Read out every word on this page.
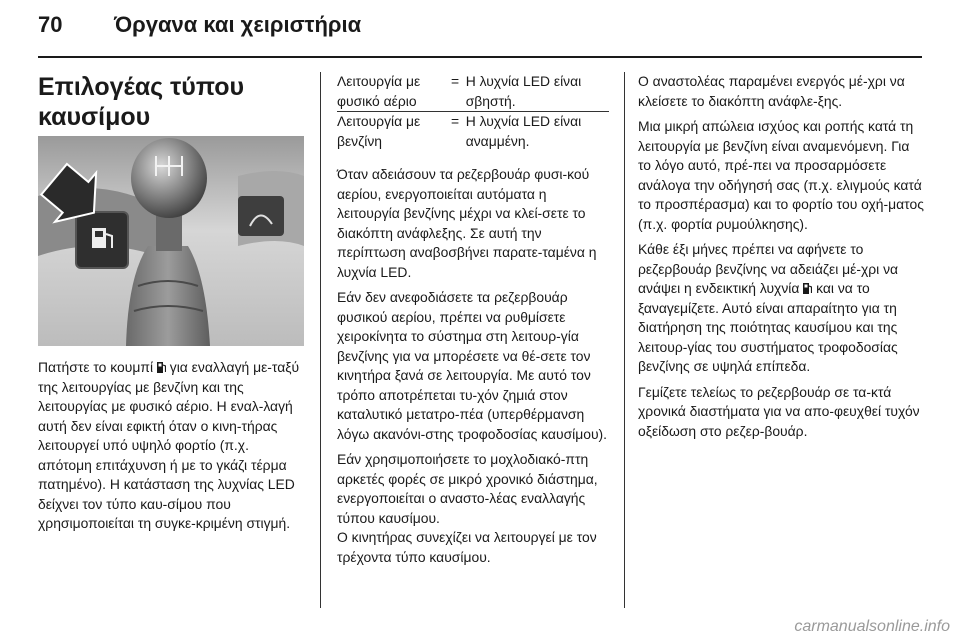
70 Όργανα και χειριστήρια
Επιλογέας τύπου καυσίμου

Πατήστε το κουμπί  για εναλλαγή με-ταξύ της λειτουργίας με βενζίνη και της λειτουργίας με φυσικό αέριο. Η εναλ-λαγή αυτή δεν είναι εφικτή όταν ο κινη-τήρας λειτουργεί υπό υψηλό φορτίο (π.χ. απότομη επιτάχυνση ή με το γκάζι τέρμα πατημένο). Η κατάσταση της λυχνίας LED δείχνει τον τύπο καυ-σίμου που χρησιμοποιείται τη συγκε-κριμένη στιγμή.

Λειτουργία με φυσικό αέριο	=	Η λυχνία LED είναι σβηστή.
Λειτουργία με βενζίνη	=	Η λυχνία LED είναι αναμμένη.

Όταν αδειάσουν τα ρεζερβουάρ φυσι-κού αερίου, ενεργοποιείται αυτόματα η λειτουργία βενζίνης μέχρι να κλεί-σετε το διακόπτη ανάφλεξης. Σε αυτή την περίπτωση αναβοσβήνει παρατε-ταμένα η λυχνία LED.

Εάν δεν ανεφοδιάσετε τα ρεζερβουάρ φυσικού αερίου, πρέπει να ρυθμίσετε χειροκίνητα το σύστημα στη λειτουρ-γία βενζίνης για να μπορέσετε να θέ-σετε τον κινητήρα ξανά σε λειτουργία. Με αυτό τον τρόπο αποτρέπεται τυ-χόν ζημιά στον καταλυτικό μετατρο-πέα (υπερθέρμανση λόγω ακανόνι-στης τροφοδοσίας καυσίμου).

Εάν χρησιμοποιήσετε το μοχλοδιακό-πτη αρκετές φορές σε μικρό χρονικό διάστημα, ενεργοποιείται ο αναστο-λέας εναλλαγής τύπου καυσίμου.

Ο κινητήρας συνεχίζει να λειτουργεί με τον τρέχοντα τύπο καυσίμου.

Ο αναστολέας παραμένει ενεργός μέ-χρι να κλείσετε το διακόπτη ανάφλε-ξης.

Μια μικρή απώλεια ισχύος και ροπής κατά τη λειτουργία με βενζίνη είναι αναμενόμενη. Για το λόγο αυτό, πρέ-πει να προσαρμόσετε ανάλογα την οδήγησή σας (π.χ. ελιγμούς κατά το προσπέρασμα) και το φορτίο του οχή-ματος (π.χ. φορτία ρυμούλκησης).

Κάθε έξι μήνες πρέπει να αφήνετε το ρεζερβουάρ βενζίνης να αδειάζει μέ-χρι να ανάψει η ενδεικτική λυχνία  και να το ξαναγεμίζετε. Αυτό είναι απαραίτητο για τη διατήρηση της ποιότητας καυσίμου και της λειτουρ-γίας του συστήματος τροφοδοσίας βενζίνης σε υψηλά επίπεδα.

Γεμίζετε τελείως το ρεζερβουάρ σε τα-κτά χρονικά διαστήματα για να απο-φευχθεί τυχόν οξείδωση στο ρεζερ-βουάρ.

carmanualsonline.info
